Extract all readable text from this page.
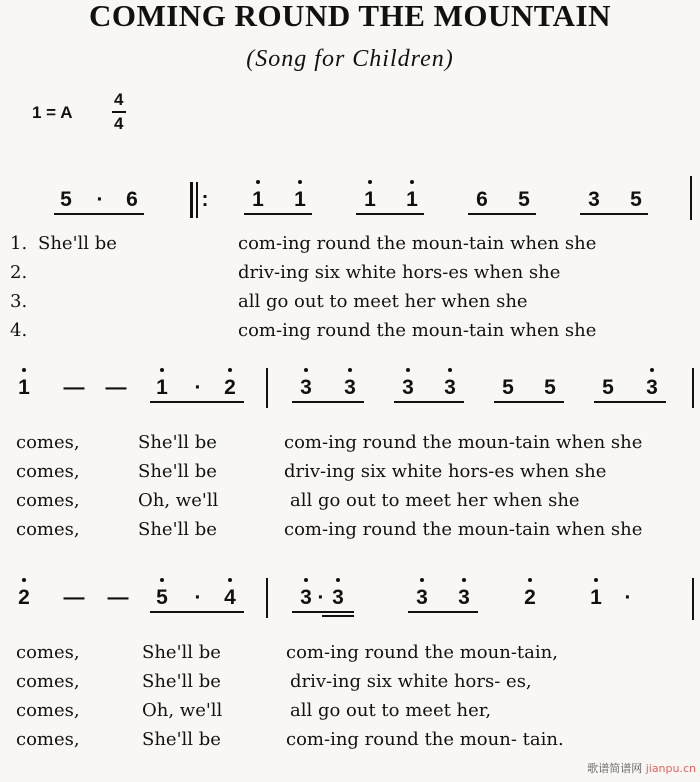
COMING ROUND THE MOUNTAIN
(Song for Children)
1 = A
4
4
5	·	6	: 1 1	1 1	6 5	3 5
1. She'll be	com-ing round the moun-tain when she
2.	driv-ing six white hors-es when she
3.	all go out to meet her when she
4.	com-ing round the moun-tain when she
1 — — 1	·	2	3 3 3 3 5 5 5 3
comes,	She'll be	com-ing round the moun-tain when she
comes,	She'll be	driv-ing six white hors-es when she
comes,	Oh, we'll	all go out to meet her when she
comes,	She'll be	com-ing round the moun-tain when she
2 — — 5	·	4	3 · 3	3 3	2	1	·
comes,	She'll be	com-ing round the moun-tain,
comes,	She'll be	driv-ing six white hors- es,
comes,	Oh, we'll	all go out to meet her,
comes,	She'll be	com-ing round the moun- tain.
歌谱简谱网 jianpu.cn
